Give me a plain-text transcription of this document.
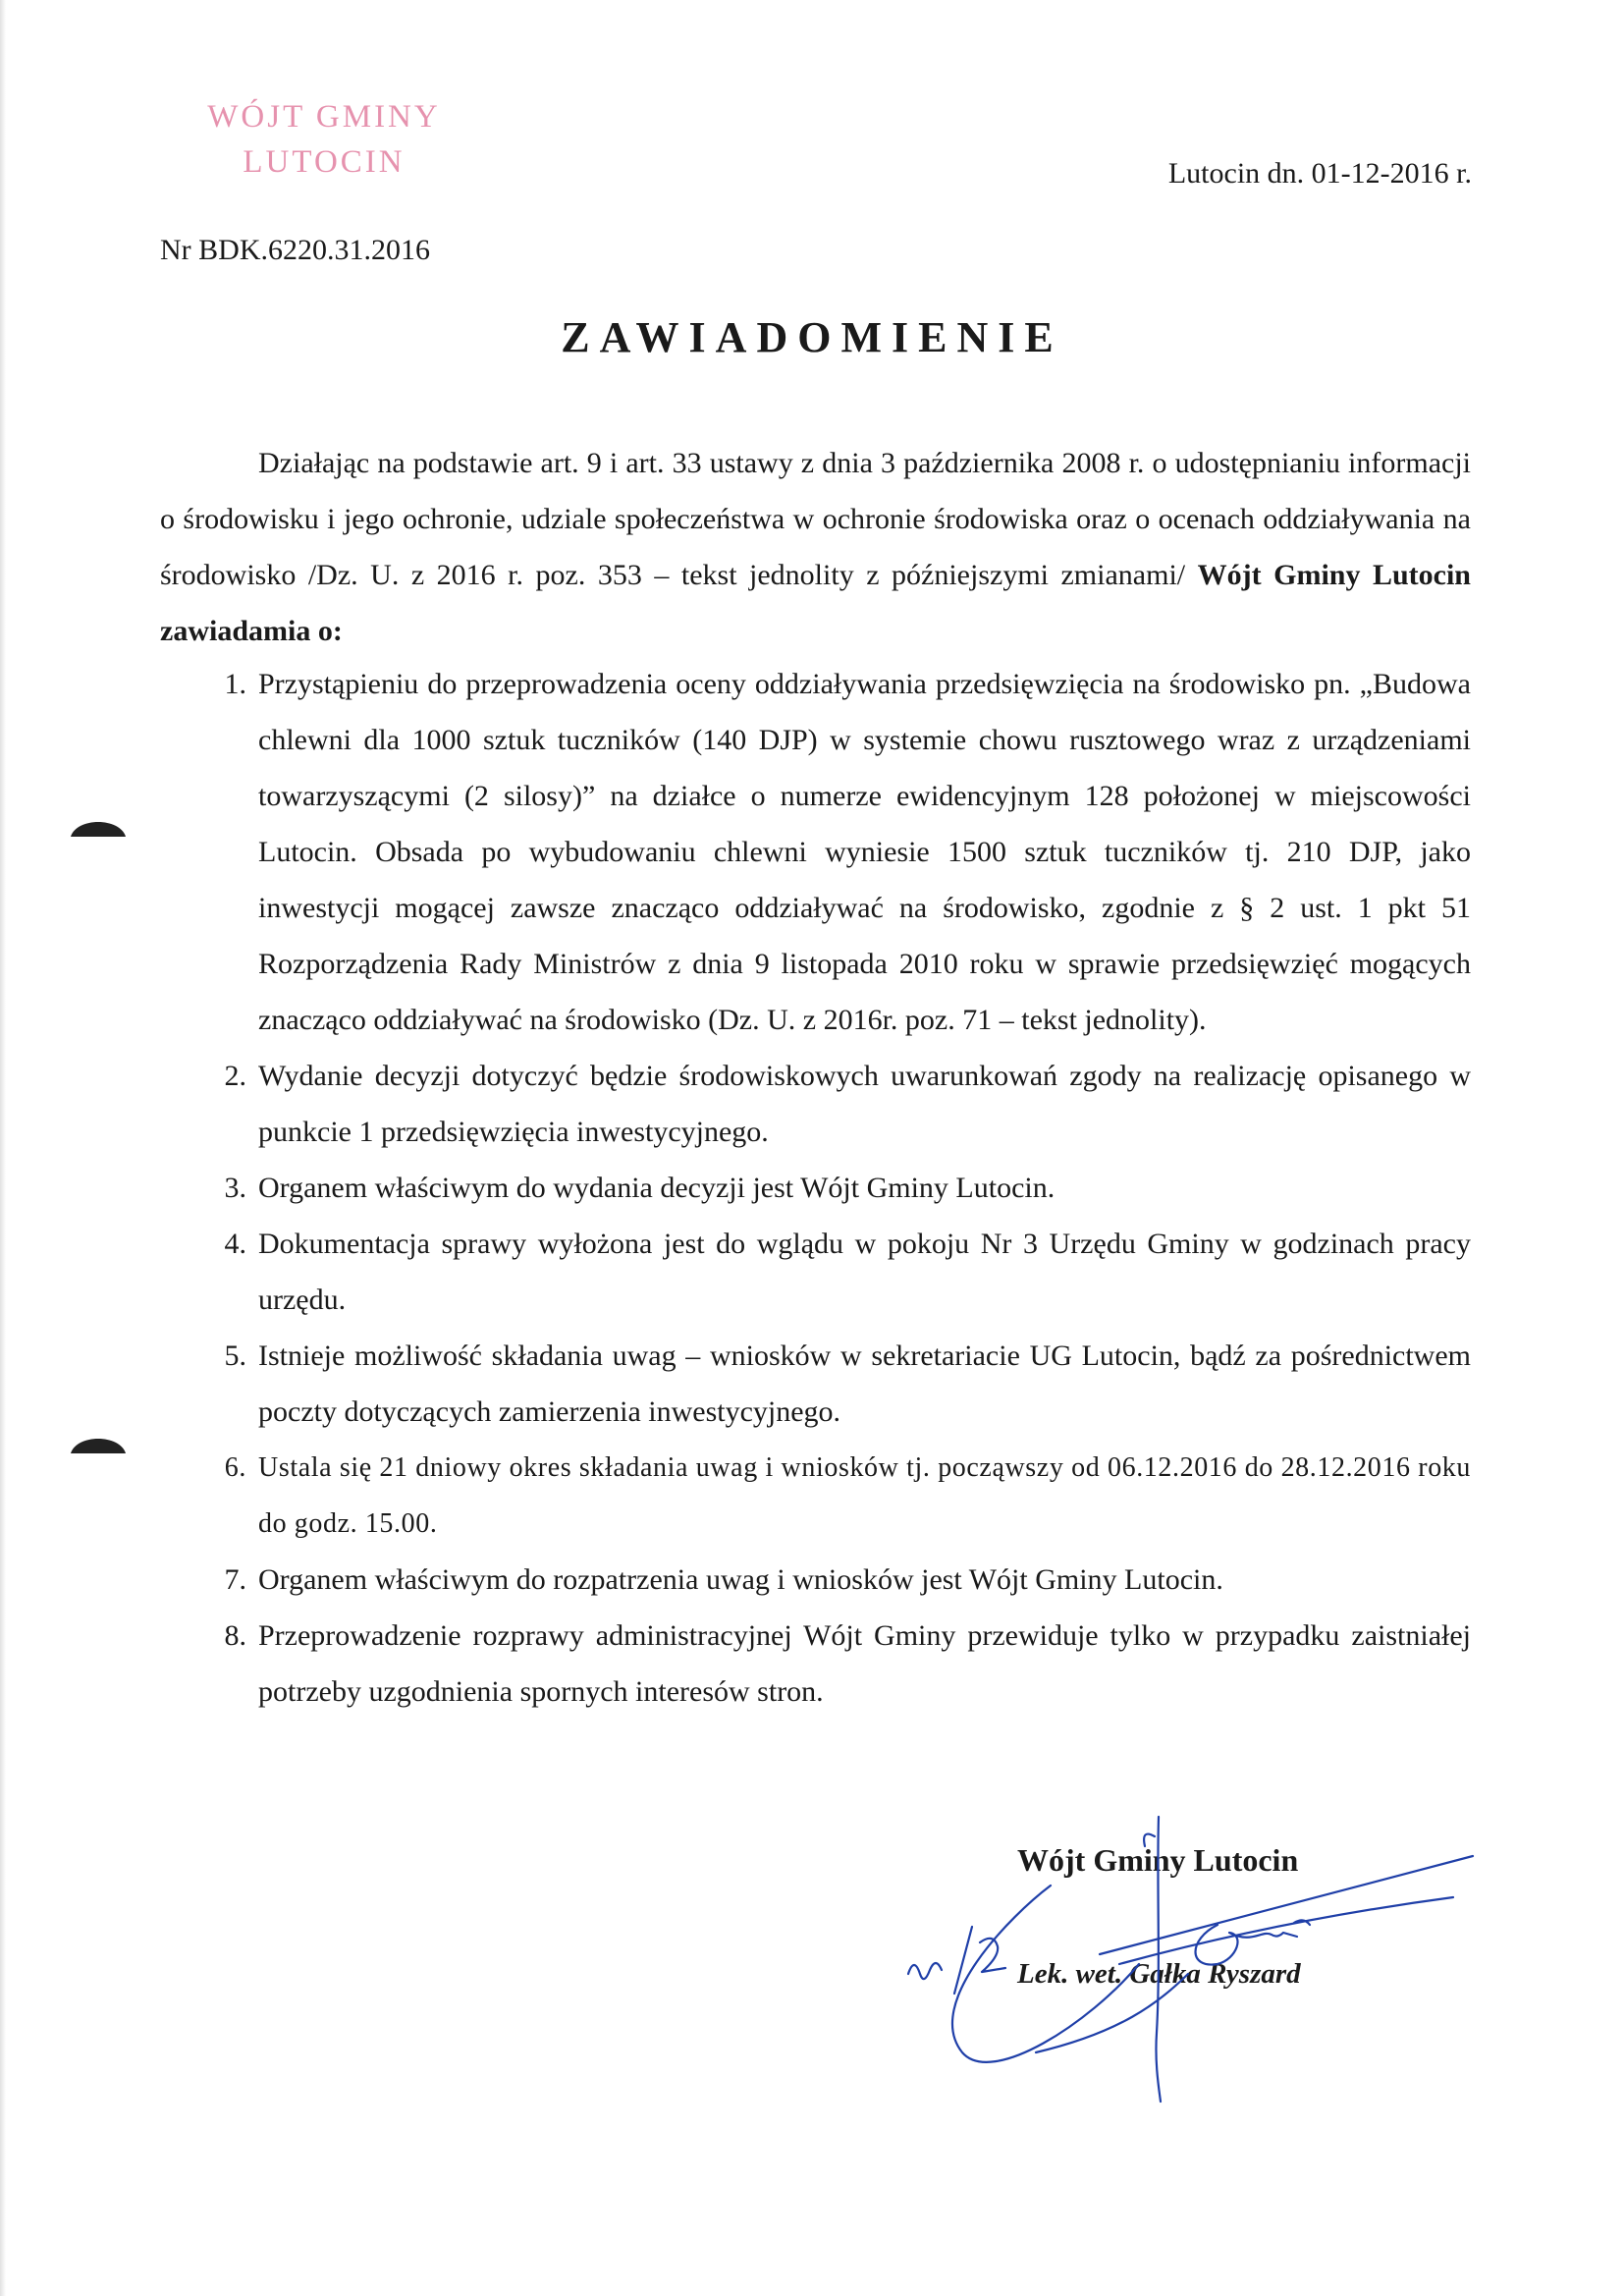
WÓJT GMINY
LUTOCIN	Lutocin dn. 01-12-2016 r.
Nr BDK.6220.31.2016
ZAWIADOMIENIE
Działając na podstawie art. 9 i art. 33 ustawy z dnia 3 października 2008 r. o udostępnianiu informacji o środowisku i jego ochronie, udziale społeczeństwa w ochronie środowiska oraz o ocenach oddziaływania na środowisko /Dz. U. z 2016 r. poz. 353 – tekst jednolity z późniejszymi zmianami/ Wójt Gminy Lutocin zawiadamia o:
1. Przystąpieniu do przeprowadzenia oceny oddziaływania przedsięwzięcia na środowisko pn. „Budowa chlewni dla 1000 sztuk tuczników (140 DJP) w systemie chowu rusztowego wraz z urządzeniami towarzyszącymi (2 silosy)” na działce o numerze ewidencyjnym 128 położonej w miejscowości Lutocin. Obsada po wybudowaniu chlewni wyniesie 1500 sztuk tuczników tj. 210 DJP, jako inwestycji mogącej zawsze znacząco oddziaływać na środowisko, zgodnie z § 2 ust. 1 pkt 51 Rozporządzenia Rady Ministrów z dnia 9 listopada 2010 roku w sprawie przedsięwzięć mogących znacząco oddziaływać na środowisko (Dz. U. z 2016r. poz. 71 – tekst jednolity).
2. Wydanie decyzji dotyczyć będzie środowiskowych uwarunkowań zgody na realizację opisanego w punkcie 1 przedsięwzięcia inwestycyjnego.
3. Organem właściwym do wydania decyzji jest Wójt Gminy Lutocin.
4. Dokumentacja sprawy wyłożona jest do wglądu w pokoju Nr 3 Urzędu Gminy w godzinach pracy urzędu.
5. Istnieje możliwość składania uwag – wniosków w sekretariacie UG Lutocin, bądź za pośrednictwem poczty dotyczących zamierzenia inwestycyjnego.
6. Ustala się 21 dniowy okres składania uwag i wniosków tj. począwszy od 06.12.2016 do 28.12.2016 roku do godz. 15.00.
7. Organem właściwym do rozpatrzenia uwag i wniosków jest Wójt Gminy Lutocin.
8. Przeprowadzenie rozprawy administracyjnej Wójt Gminy przewiduje tylko w przypadku zaistniałej potrzeby uzgodnienia spornych interesów stron.
Wójt Gminy Lutocin
Lek. wet. Gałka Ryszard
